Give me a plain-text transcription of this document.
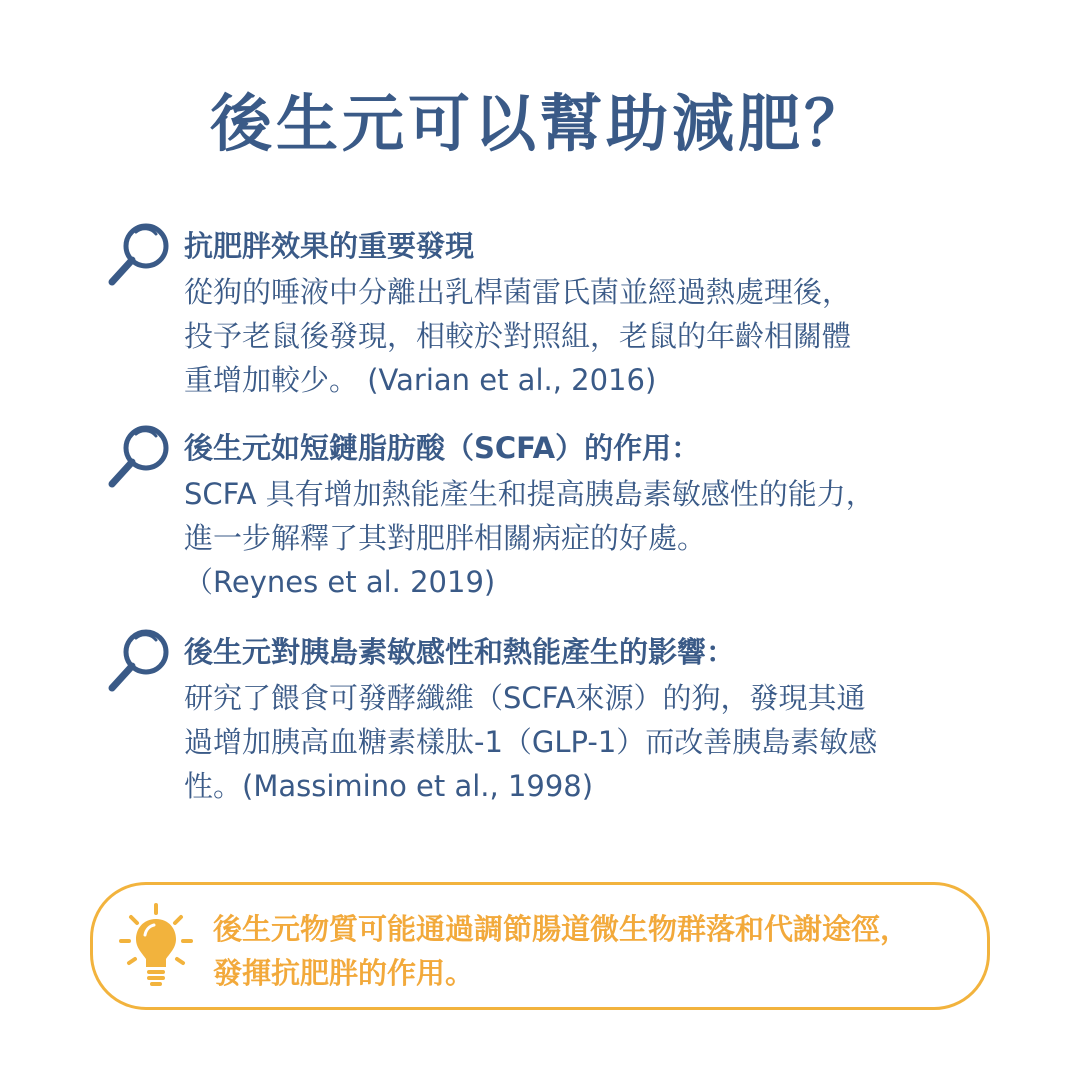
後生元可以幫助減肥？
抗肥胖效果的重要發現
從狗的唾液中分離出乳桿菌雷氏菌並經過熱處理後，
投予老鼠後發現，相較於對照組，老鼠的年齡相關體
重增加較少。 (Varian et al., 2016)
後生元如短鏈脂肪酸（SCFA）的作用：
SCFA 具有增加熱能產生和提高胰島素敏感性的能力，
進一步解釋了其對肥胖相關病症的好處。
（Reynes et al. 2019)
後生元對胰島素敏感性和熱能產生的影響：
研究了餵食可發酵纖維（SCFA來源）的狗，發現其通
過增加胰高血糖素樣肽-1（GLP-1）而改善胰島素敏感
性。(Massimino et al., 1998)
後生元物質可能通過調節腸道微生物群落和代謝途徑，
發揮抗肥胖的作用。
